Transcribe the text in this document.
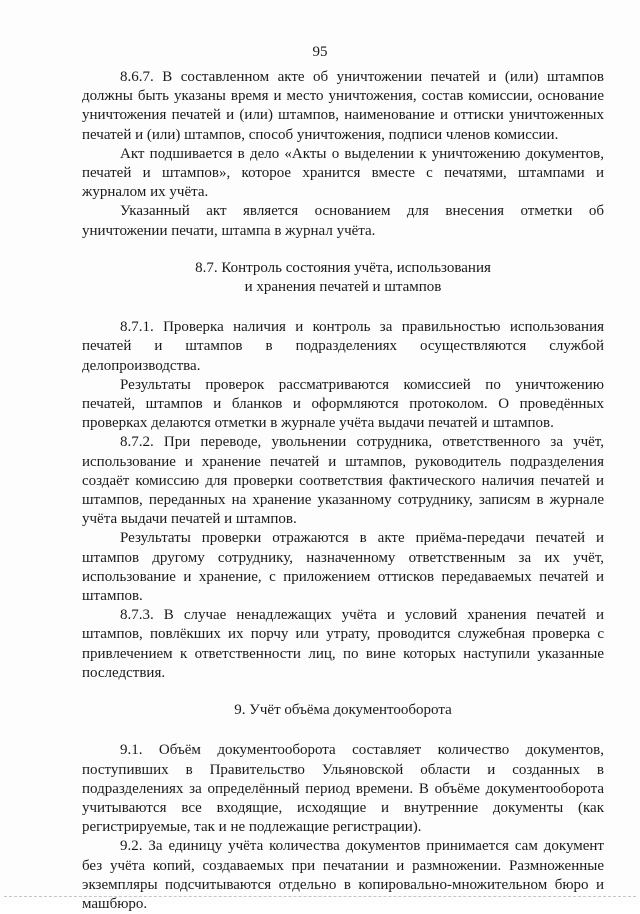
95

8.6.7. В составленном акте об уничтожении печатей и (или) штампов должны быть указаны время и место уничтожения, состав комиссии, основание уничтожения печатей и (или) штампов, наименование и оттиски уничтоженных печатей и (или) штампов, способ уничтожения, подписи членов комиссии.

Акт подшивается в дело «Акты о выделении к уничтожению документов, печатей и штампов», которое хранится вместе с печатями, штампами и журналом их учёта.

Указанный акт является основанием для внесения отметки об уничтожении печати, штампа в журнал учёта.

8.7. Контроль состояния учёта, использования

и хранения печатей и штампов

8.7.1. Проверка наличия и контроль за правильностью использования печатей и штампов в подразделениях осуществляются службой делопроизводства.

Результаты проверок рассматриваются комиссией по уничтожению печатей, штампов и бланков и оформляются протоколом. О проведённых проверках делаются отметки в журнале учёта выдачи печатей и штампов.

8.7.2. При переводе, увольнении сотрудника, ответственного за учёт, использование и хранение печатей и штампов, руководитель подразделения создаёт комиссию для проверки соответствия фактического наличия печатей и штампов, переданных на хранение указанному сотруднику, записям в журнале учёта выдачи печатей и штампов.

Результаты проверки отражаются в акте приёма-передачи печатей и штампов другому сотруднику, назначенному ответственным за их учёт, использование и хранение, с приложением оттисков передаваемых печатей и штампов.

8.7.3. В случае ненадлежащих учёта и условий хранения печатей и штампов, повлёкших их порчу или утрату, проводится служебная проверка с привлечением к ответственности лиц, по вине которых наступили указанные последствия.

9. Учёт объёма документооборота

9.1. Объём документооборота составляет количество документов, поступивших в Правительство Ульяновской области и созданных в подразделениях за определённый период времени. В объёме документооборота учитываются все входящие, исходящие и внутренние документы (как регистрируемые, так и не подлежащие регистрации).

9.2. За единицу учёта количества документов принимается сам документ без учёта копий, создаваемых при печатании и размножении. Размноженные экземпляры подсчитываются отдельно в копировально-множительном бюро и машбюро.
